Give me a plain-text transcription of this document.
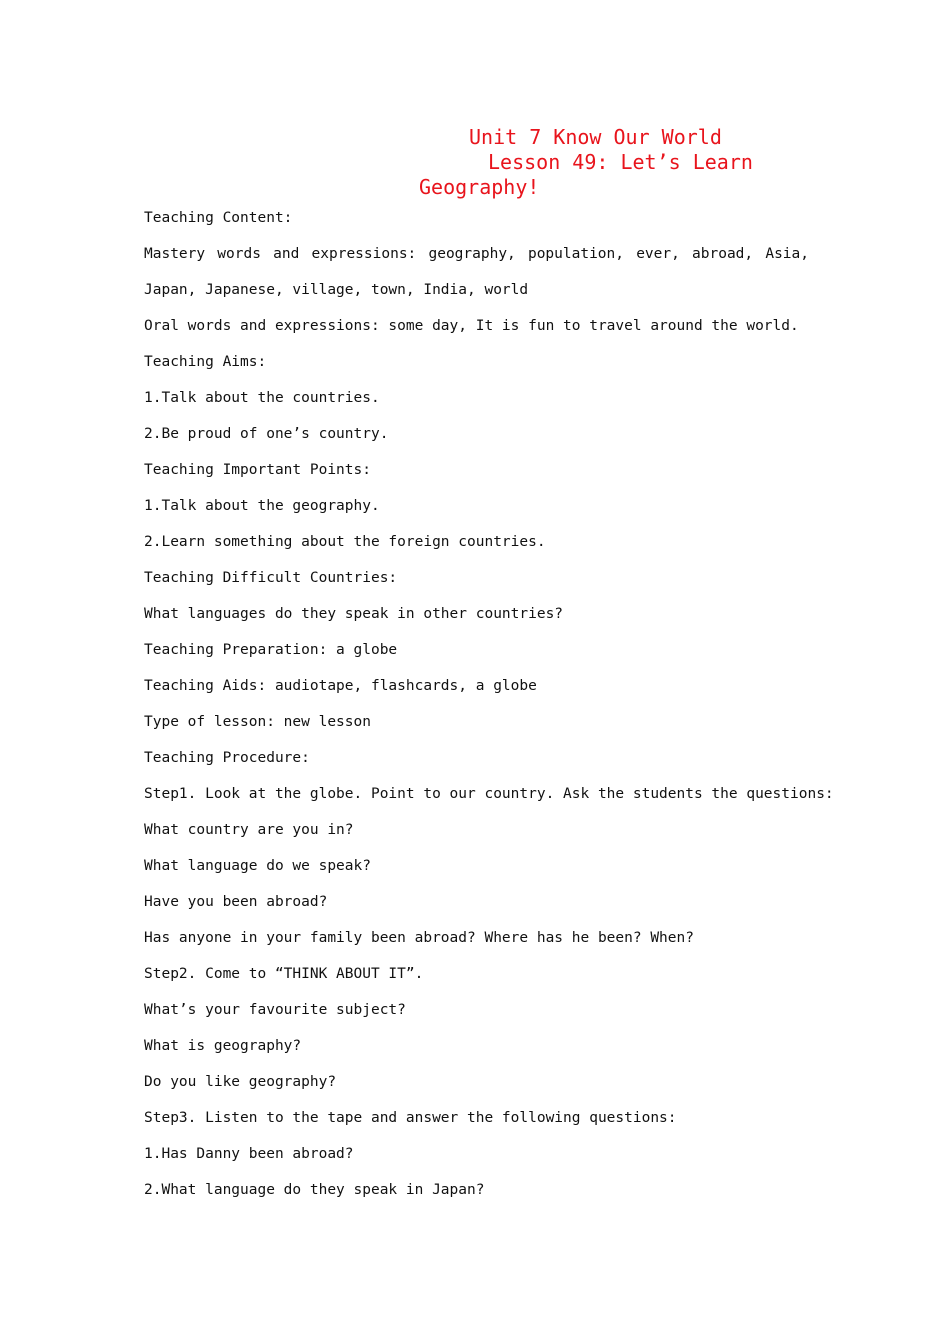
Unit 7 Know Our World
Lesson 49: Let’s Learn
Geography!
Teaching Content:
Mastery words and expressions: geography, population, ever, abroad, Asia,
Japan, Japanese, village, town, India, world
Oral words and expressions: some day, It is fun to travel around the world.
Teaching Aims:
1.Talk about the countries.
2.Be proud of one’s country.
Teaching Important Points:
1.Talk about the geography.
2.Learn something about the foreign countries.
Teaching Difficult Countries:
What languages do they speak in other countries?
Teaching Preparation: a globe
Teaching Aids: audiotape, flashcards, a globe
Type of lesson: new lesson
Teaching Procedure:
Step1. Look at the globe. Point to our country. Ask the students the questions:
What country are you in?
What language do we speak?
Have you been abroad?
Has anyone in your family been abroad? Where has he been? When?
Step2. Come to “THINK ABOUT IT”.
What’s your favourite subject?
What is geography?
Do you like geography?
Step3. Listen to the tape and answer the following questions:
1.Has Danny been abroad?
2.What language do they speak in Japan?
